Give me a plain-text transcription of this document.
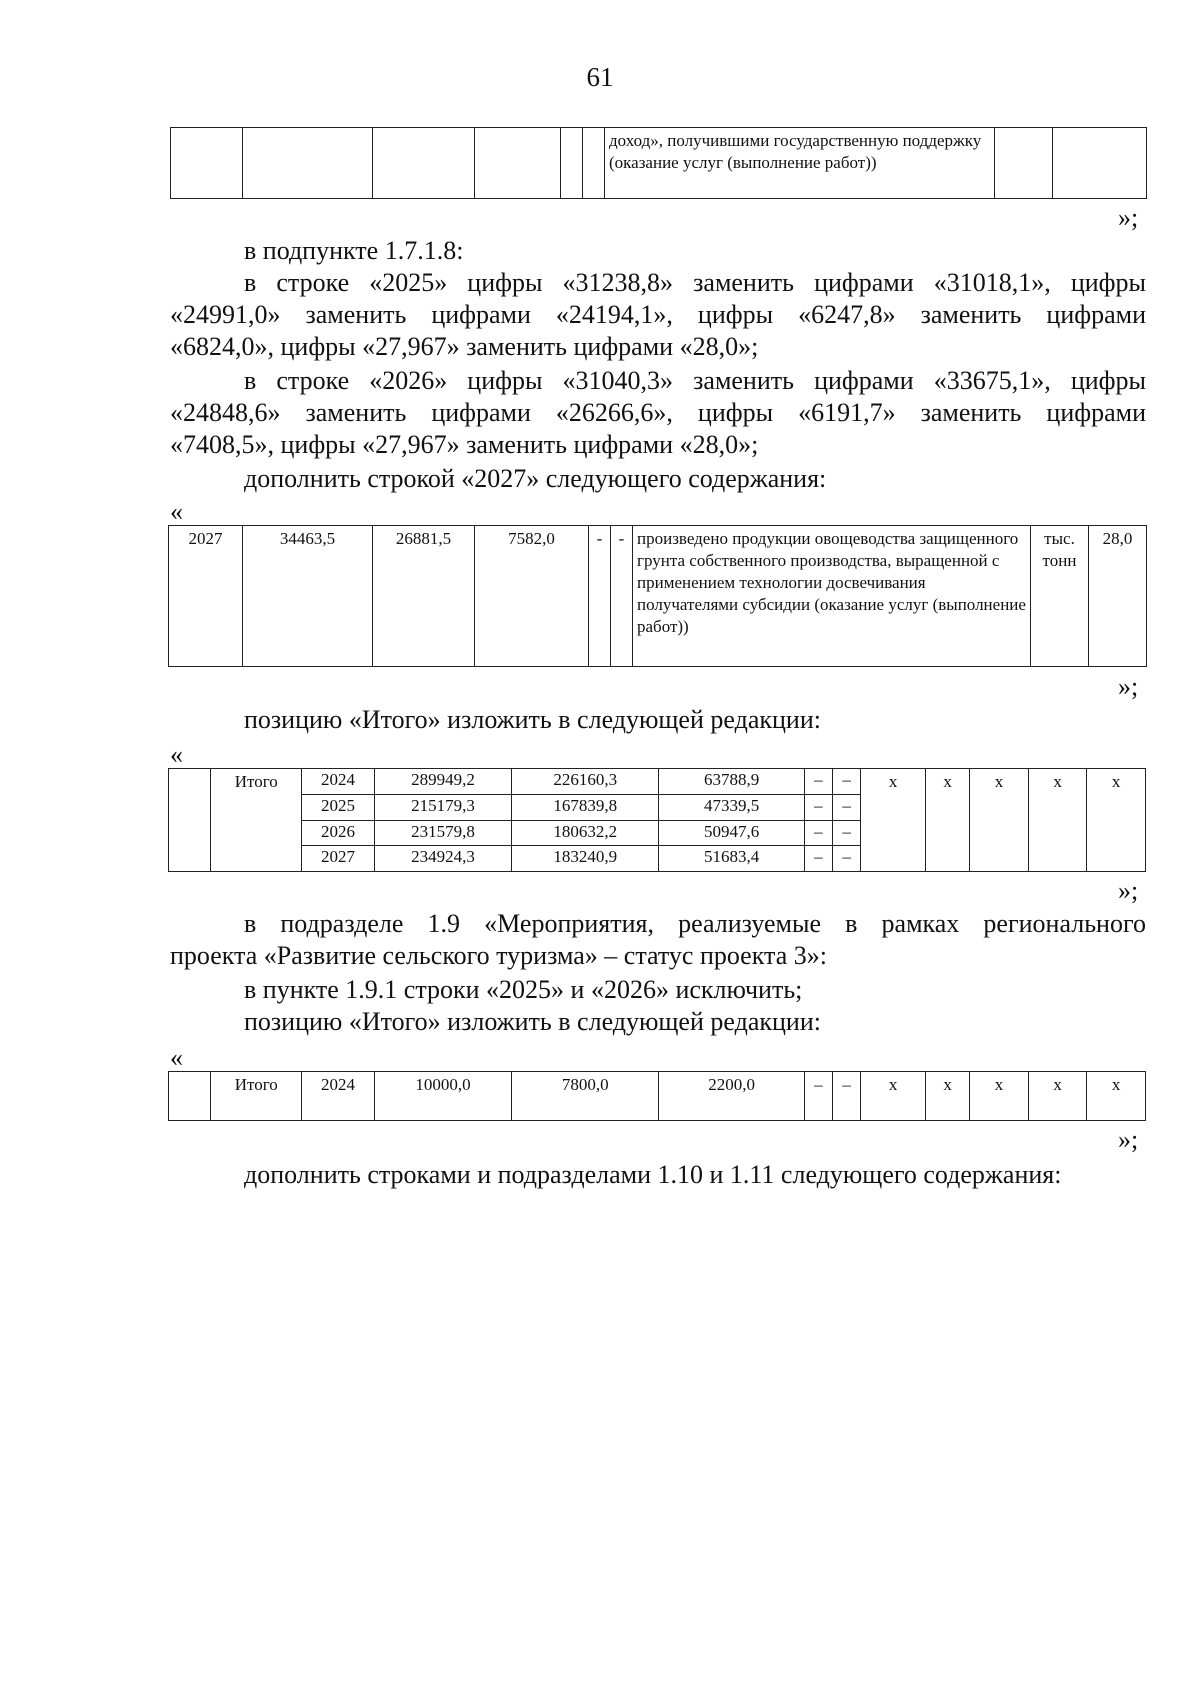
61
						доход», получившими государственную поддержку (оказание услуг (выполнение работ))		
»;
в подпункте 1.7.1.8:
в строке «2025» цифры «31238,8» заменить цифрами «31018,1», цифры
«24991,0» заменить цифрами «24194,1», цифры «6247,8» заменить цифрами
«6824,0», цифры «27,967» заменить цифрами «28,0»;
в строке «2026» цифры «31040,3» заменить цифрами «33675,1», цифры
«24848,6» заменить цифрами «26266,6», цифры «6191,7» заменить цифрами
«7408,5», цифры «27,967» заменить цифрами «28,0»;
дополнить строкой «2027» следующего содержания:
«
2027	34463,5	26881,5	7582,0	-	-	произведено продукции овощеводства защищенного грунта собственного производства, выращенной с применением технологии досвечивания получателями субсидии (оказание услуг (выполнение работ))	тыс. тонн	28,0
»;
позицию «Итого» изложить в следующей редакции:
«
	Итого	2024	289949,2	226160,3	63788,9	–	–	х	х	х	х	х
		2025	215179,3	167839,8	47339,5	–	–					
		2026	231579,8	180632,2	50947,6	–	–					
		2027	234924,3	183240,9	51683,4	–	–					
»;
в подразделе 1.9 «Мероприятия, реализуемые в рамках регионального
проекта «Развитие сельского туризма» – статус проекта 3»:
в пункте 1.9.1 строки «2025» и «2026» исключить;
позицию «Итого» изложить в следующей редакции:
«
	Итого	2024	10000,0	7800,0	2200,0	–	–	х	х	х	х	х
»;
дополнить строками и подразделами 1.10 и 1.11 следующего содержания:
